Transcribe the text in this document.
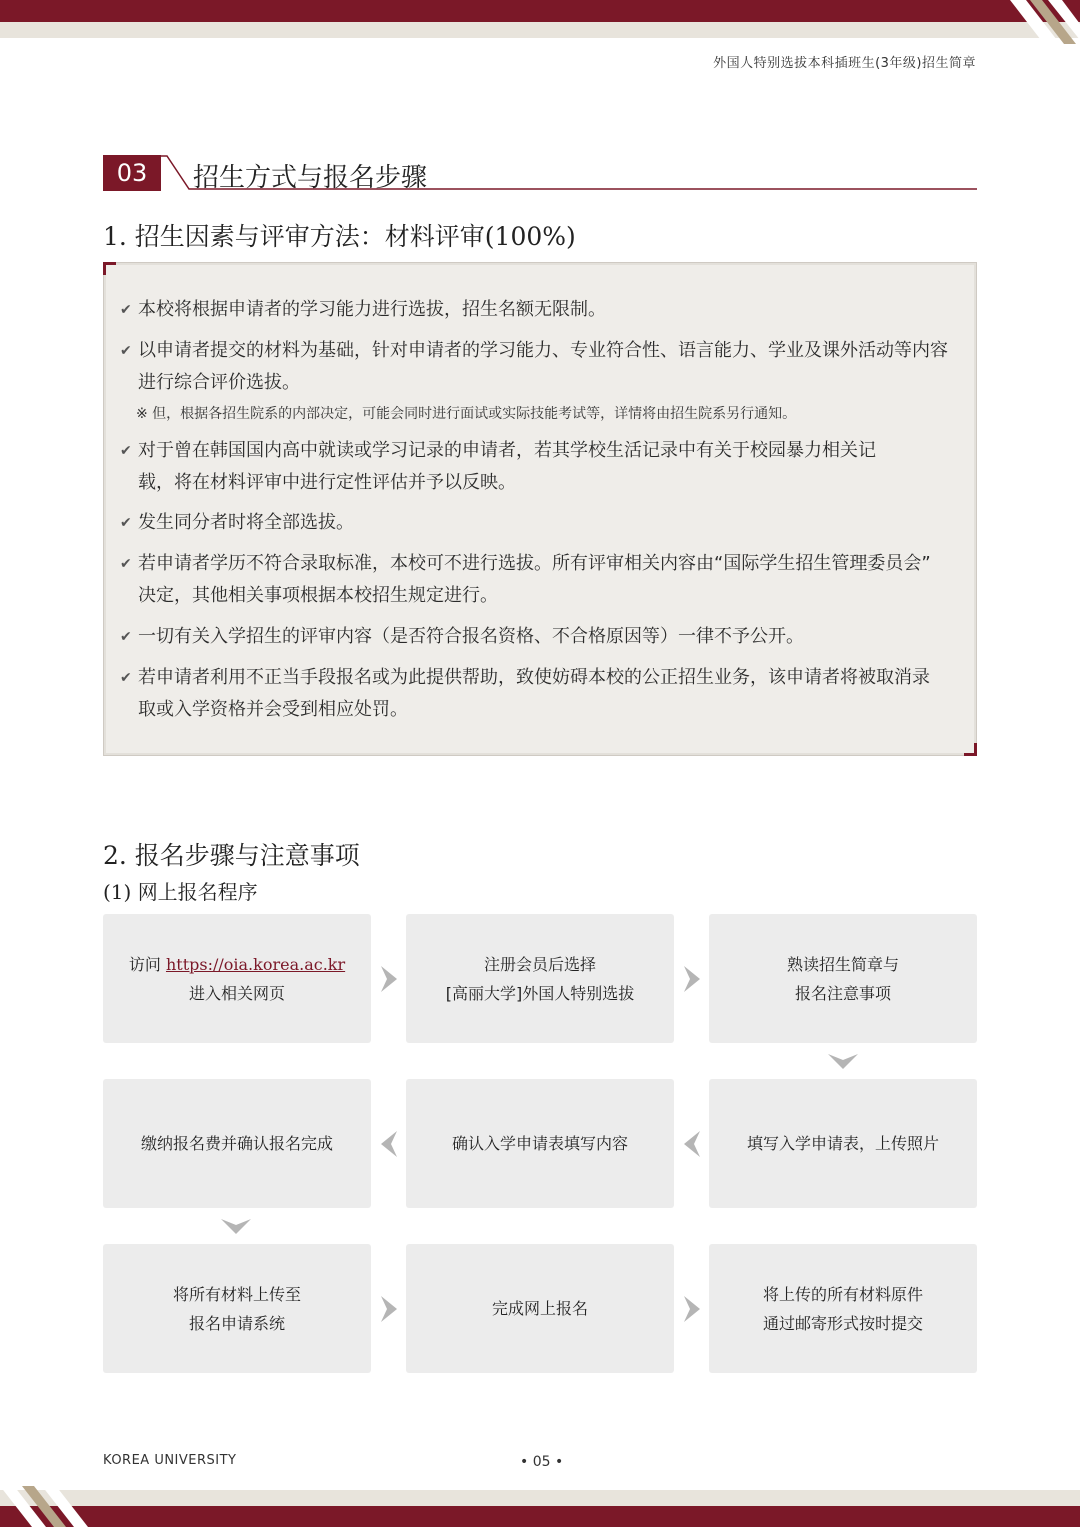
外国人特别选拔本科插班生(3年级)招生简章
03	招生方式与报名步骤
1. 招生因素与评审方法：材料评审(100%)
✔ 本校将根据申请者的学习能力进行选拔，招生名额无限制。
✔ 以申请者提交的材料为基础，针对申请者的学习能力、专业符合性、语言能力、学业及课外活动等内容
进行综合评价选拔。
※ 但，根据各招生院系的内部决定，可能会同时进行面试或实际技能考试等，详情将由招生院系另行通知。
✔ 对于曾在韩国国内高中就读或学习记录的申请者，若其学校生活记录中有关于校园暴力相关记
载，将在材料评审中进行定性评估并予以反映。
✔ 发生同分者时将全部选拔。
✔ 若申请者学历不符合录取标准，本校可不进行选拔。所有评审相关内容由“国际学生招生管理委员会”
决定，其他相关事项根据本校招生规定进行。
✔ 一切有关入学招生的评审内容（是否符合报名资格、不合格原因等）一律不予公开。
✔ 若申请者利用不正当手段报名或为此提供帮助，致使妨碍本校的公正招生业务，该申请者将被取消录
取或入学资格并会受到相应处罚。
2. 报名步骤与注意事项
(1) 网上报名程序
访问 https://oia.korea.ac.kr
进入相关网页
注册会员后选择
[高丽大学]外国人特别选拔
熟读招生简章与
报名注意事项
缴纳报名费并确认报名完成	确认入学申请表填写内容	填写入学申请表，上传照片
将所有材料上传至
报名申请系统
完成网上报名
将上传的所有材料原件
通过邮寄形式按时提交
KOREA UNIVERSITY	• 05 •
